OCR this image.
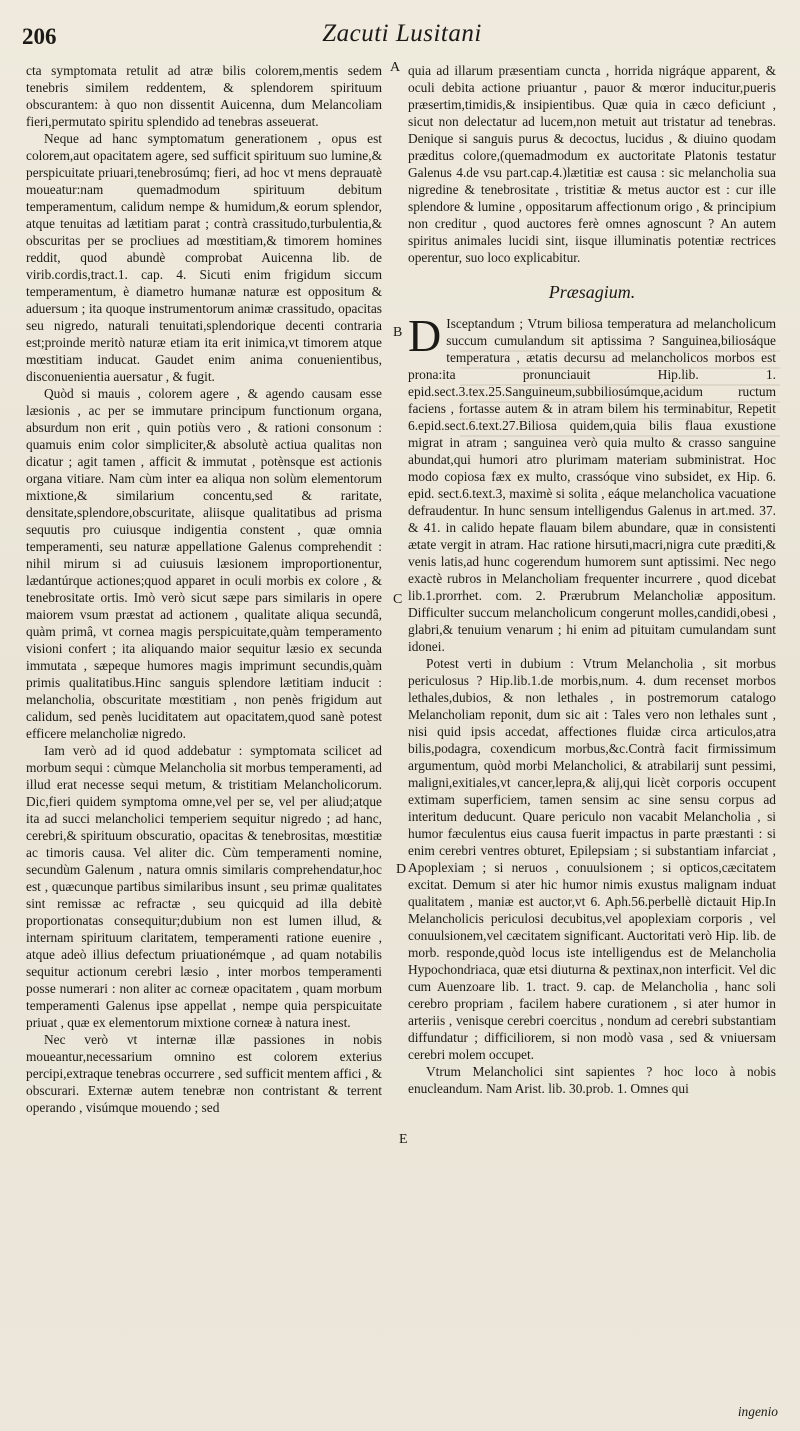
206	Zacuti Lusitani

cta symptomata retulit ad atræ bilis colorem,mentis sedem tenebris similem reddentem, & splendorem spirituum obscurantem: à quo non dissentit Auicenna, dum Melancoliam fieri,permutato spiritu splendido ad tenebras asseuerat.

Neque ad hanc symptomatum generationem , opus est colorem,aut opacitatem agere, sed sufficit spirituum suo lumine,& perspicuitate priuari,tenebrosúmq; fieri, ad hoc vt mens deprauatè moueatur:nam quemadmodum spirituum debitum temperamentum, calidum nempe & humidum,& eorum splendor, atque tenuitas ad lætitiam parat ; contrà crassitudo,turbulentia,& obscuritas per se procliues ad mœstitiam,& timorem homines reddit, quod abundè comprobat Auicenna lib. de virib.cordis,tract.1. cap. 4. Sicuti enim frigidum siccum temperamentum, è diametro humanæ naturæ est oppositum & aduersum ; ita quoque instrumentorum animæ crassitudo, opacitas seu nigredo, naturali tenuitati,splendorique decenti contraria est;proinde meritò naturæ etiam ita erit inimica,vt timorem atque mœstitiam inducat. Gaudet enim anima conuenientibus, disconuenientia auersatur , & fugit.

Quòd si mauis , colorem agere , & agendo causam esse læsionis , ac per se immutare principum functionum organa, absurdum non erit , quin potiùs vero , & rationi consonum : quamuis enim color simpliciter,& absolutè actiua qualitas non dicatur ; agit tamen , afficit & immutat , potènsque est actionis organa vitiare. Nam cùm inter ea aliqua non solùm elementorum mixtione,& similarium concentu,sed & raritate, densitate,splendore,obscuritate, aliisque qualitatibus ad prisma sequutis pro cuiusque indigentia constent , quæ omnia temperamenti, seu naturæ appellatione Galenus comprehendit : nihil mirum si ad cuiusuis læsionem improportionentur, lædantúrque actiones;quod apparet in oculi morbis ex colore , & tenebrositate ortis. Imò verò sicut sæpe pars similaris in opere maiorem vsum præstat ad actionem , qualitate aliqua secundâ, quàm primâ, vt cornea magis perspicuitate,quàm temperamento visioni confert ; ita aliquando maior sequitur læsio ex secunda immutata , sæpeque humores magis imprimunt secundis,quàm primis qualitatibus.Hinc sanguis splendore lætitiam inducit : melancholia, obscuritate mœstitiam , non penès frigidum aut calidum, sed penès luciditatem aut opacitatem,quod sanè potest efficere melancholiæ nigredo.

Iam verò ad id quod addebatur : symptomata scilicet ad morbum sequi : cùmque Melancholia sit morbus temperamenti, ad illud erat necesse sequi metum, & tristitiam Melancholicorum. Dic,fieri quidem symptoma omne,vel per se, vel per aliud;atque ita ad succi melancholici temperiem sequitur nigredo ; ad hanc, cerebri,& spirituum obscuratio, opacitas & tenebrositas, mœstitiæ ac timoris causa. Vel aliter dic. Cùm temperamenti nomine, secundùm Galenum , natura omnis similaris comprehendatur,hoc est , quæcunque partibus similaribus insunt , seu primæ qualitates sint remissæ ac refractæ , seu quicquid ad illa debitè proportionatas consequitur;dubium non est lumen illud, & internam spirituum claritatem, temperamenti ratione euenire , atque adeò illius defectum priuationémque , ad quam notabilis sequitur actionum cerebri læsio , inter morbos temperamenti posse numerari : non aliter ac corneæ opacitatem , quam morbum temperamenti Galenus ipse appellat , nempe quia perspicuitate priuat , quæ ex elementorum mixtione corneæ à natura inest.

Nec verò vt internæ illæ passiones in nobis moueantur,necessarium omnino est colorem exterius percipi,extraque tenebras occurrere , sed sufficit mentem affici , & obscurari. Externæ autem tenebræ non contristant & terrent operando , visúmque mouendo ; sed

A
B
C
D
E

quia ad illarum præsentiam cuncta , horrida nigráque apparent, & oculi debita actione priuantur , pauor & mœror inducitur,pueris præsertim,timidis,& insipientibus. Quæ quia in cæco deficiunt , sicut non delectatur ad lucem,non metuit aut tristatur ad tenebras. Denique si sanguis purus & decoctus, lucidus , & diuino quodam præditus colore,(quemadmodum ex auctoritate Platonis testatur Galenus 4.de vsu part.cap.4.)lætitiæ est causa : sic melancholia sua nigredine & tenebrositate , tristitiæ & metus auctor est : cur ille splendore & lumine , oppositarum affectionum origo , & principium non creditur , quod auctores ferè omnes agnoscunt ? An autem spiritus animales lucidi sint, iisque illuminatis potentiæ rectrices operentur, suo loco explicabitur.

Præsagium.

D Isceptandum ; Vtrum biliosa temperatura ad melancholicum succum cumulandum sit aptissima ? Sanguinea,biliosáque temperatura , ætatis decursu ad melancholicos morbos est prona:ita pronunciauit Hip.lib. 1. epid.sect.3.tex.25.Sanguineum,subbiliosúmque,acidum ructum faciens , fortasse autem & in atram bilem his terminabitur, Repetit 6.epid.sect.6.text.27.Biliosa quidem,quia bilis flaua exustione migrat in atram ; sanguinea verò quia multo & crasso sanguine abundat,qui humori atro plurimam materiam subministrat. Hoc modo copiosa fæx ex multo, crassóque vino subsidet, ex Hip. 6. epid. sect.6.text.3, maximè si solita , eáque melancholica vacuatione defraudentur. In hunc sensum intelligendus Galenus in art.med. 37. & 41. in calido hepate flauam bilem abundare, quæ in consistenti ætate vergit in atram. Hac ratione hirsuti,macri,nigra cute præditi,& venis latis,ad hunc cogerendum humorem sunt aptissimi. Nec nego exactè rubros in Melancholiam frequenter incurrere , quod dicebat lib.1.prorrhet. com. 2. Prærubrum Melancholiæ appositum. Difficulter succum melancholicum congerunt molles,candidi,obesi , glabri,& tenuium venarum ; hi enim ad pituitam cumulandam sunt idonei.

Potest verti in dubium : Vtrum Melancholia , sit morbus periculosus ? Hip.lib.1.de morbis,num. 4. dum recenset morbos lethales,dubios, & non lethales , in postremorum catalogo Melancholiam reponit, dum sic ait : Tales vero non lethales sunt , nisi quid ipsis accedat, affectiones fluidæ circa articulos,atra bilis,podagra, coxendicum morbus,&c.Contrà facit firmissimum argumentum, quòd morbi Melancholici, & atrabilarij sunt pessimi, maligni,exitiales,vt cancer,lepra,& alij,qui licèt corporis occupent extimam superficiem, tamen sensim ac sine sensu corpus ad interitum deducunt. Quare periculo non vacabit Melancholia , si humor fæculentus eius causa fuerit impactus in parte præstanti : si enim cerebri ventres obturet, Epilepsiam ; si substantiam infarciat , Apoplexiam ; si neruos , conuulsionem ; si opticos,cæcitatem excitat. Demum si ater hic humor nimis exustus malignam induat qualitatem , maniæ est auctor,vt 6. Aph.56.perbellè dictauit Hip.In Melancholicis periculosi decubitus,vel apoplexiam corporis , vel conuulsionem,vel cæcitatem significant. Auctoritati verò Hip. lib. de morb. responde,quòd locus iste intelligendus est de Melancholia Hypochondriaca, quæ etsi diuturna & pextinax,non interficit. Vel dic cum Auenzoare lib. 1. tract. 9. cap. de Melancholia , hanc soli cerebro propriam , facilem habere curationem , si ater humor in arteriis , venisque cerebri coercitus , nondum ad cerebri substantiam diffundatur ; difficiliorem, si non modò vasa , sed & vniuersam cerebri molem occupet.

Vtrum Melancholici sint sapientes ? hoc loco à nobis enucleandum. Nam Arist. lib. 30.prob. 1. Omnes qui

ingenio
